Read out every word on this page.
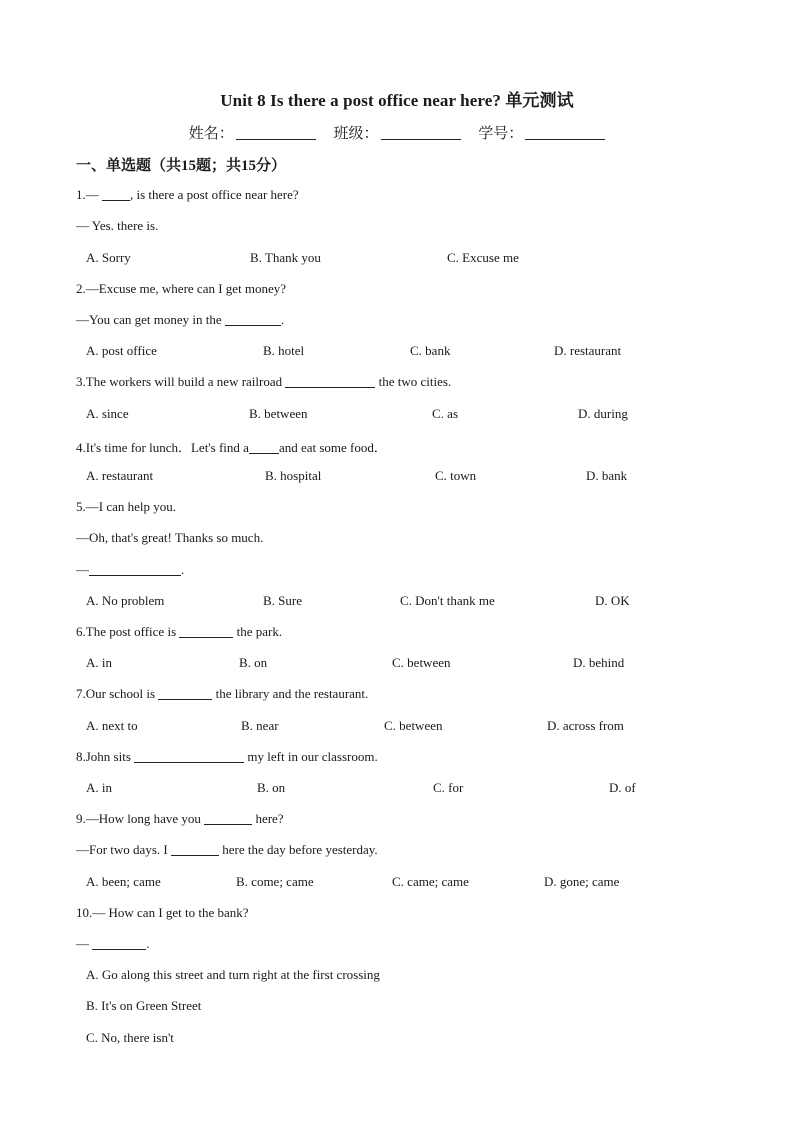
Unit 8 Is there a post office near here? 单元测试
姓名：	班级：	学号：
一、单选题（共15题；共15分）
1.— , is there a post office near here?
— Yes. there is.
A. Sorry	B. Thank you	C. Excuse me
2.—Excuse me, where can I get money?
—You can get money in the	.
A. post office	B. hotel	C. bank	D. restaurant
3.The workers will build a new railroad	the two cities.
A. since	B. between	C. as	D. during
4.It's time for lunch．Let's find a and eat some food．
A. restaurant	B. hospital	C. town	D. bank
5.—I can help you.
—Oh, that's great! Thanks so much.
—	.
A. No problem	B. Sure	C. Don't thank me	D. OK
6.The post office is	the park.
A. in	B. on	C. between	D. behind
7.Our school is	the library and the restaurant.
A. next to	B. near	C. between	D. across from
8.John sits	my left in our classroom.
A. in	B. on	C. for	D. of
9.—How long have you	here?
—For two days. I	here the day before yesterday.
A. been; came	B. come; came	C. came; came	D. gone; came
10.— How can I get to the bank?
—	.
A. Go along this street and turn right at the first crossing
B. It's on Green Street
C. No, there isn't
